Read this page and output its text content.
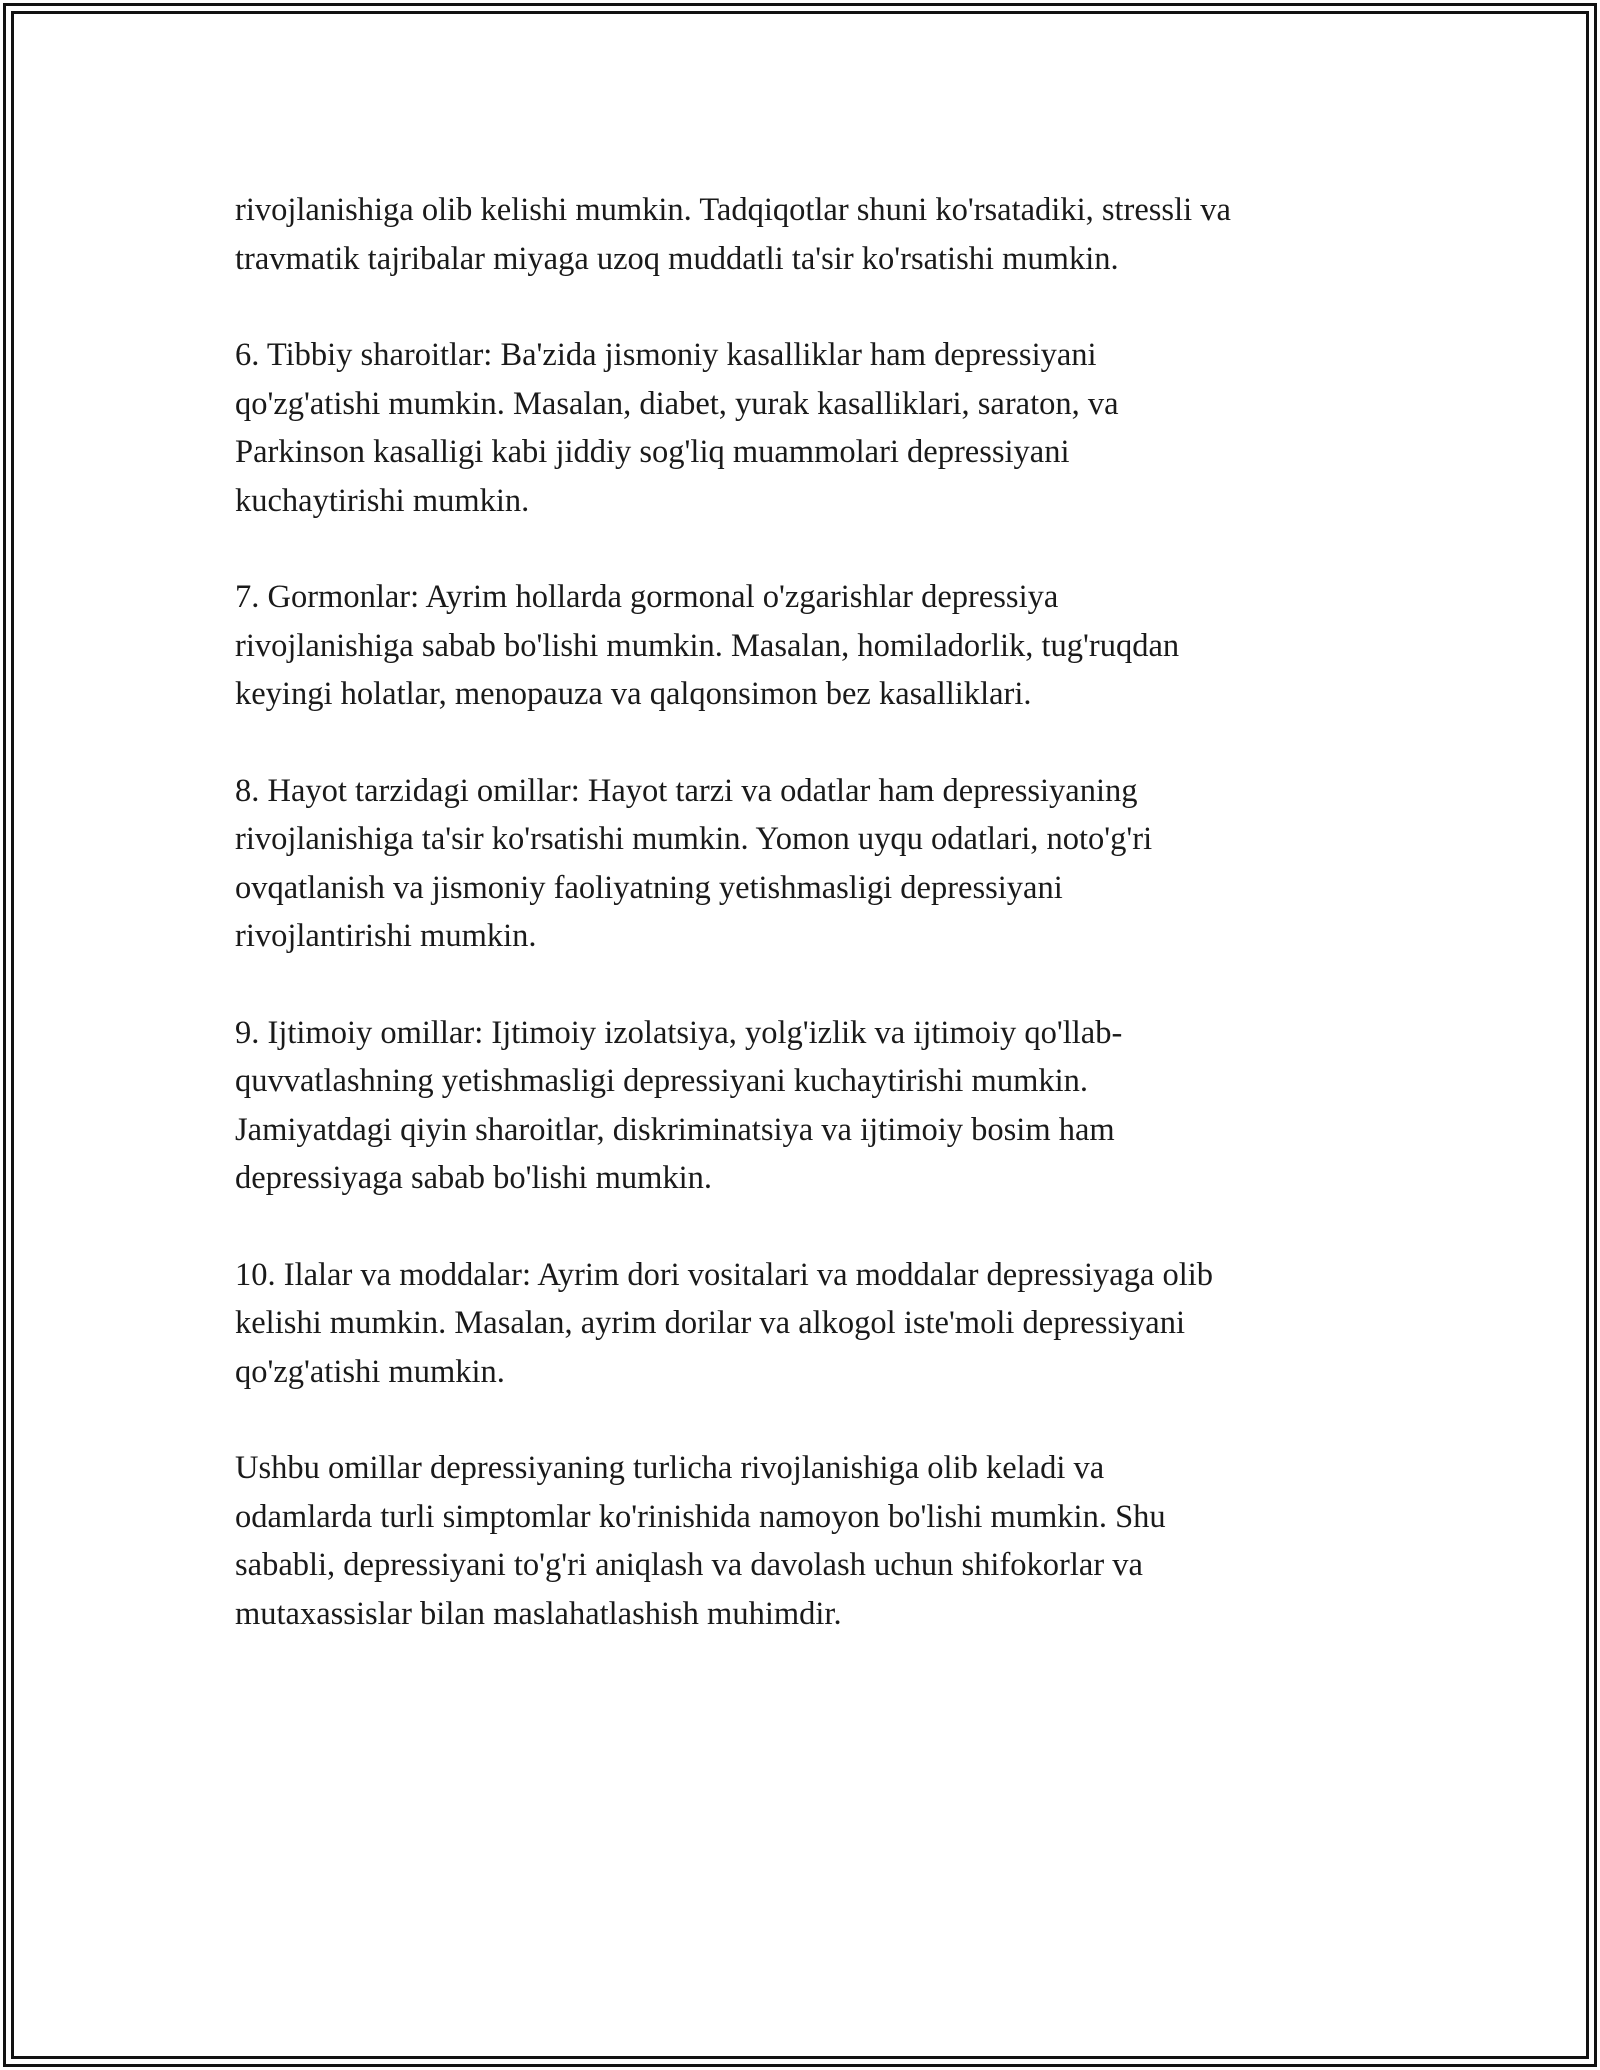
rivojlanishiga olib kelishi mumkin. Tadqiqotlar shuni ko'rsatadiki, stressli va
travmatik tajribalar miyaga uzoq muddatli ta'sir ko'rsatishi mumkin.

6. Tibbiy sharoitlar: Ba'zida jismoniy kasalliklar ham depressiyani
qo'zg'atishi mumkin. Masalan, diabet, yurak kasalliklari, saraton, va
Parkinson kasalligi kabi jiddiy sog'liq muammolari depressiyani
kuchaytirishi mumkin.

7. Gormonlar: Ayrim hollarda gormonal o'zgarishlar depressiya
rivojlanishiga sabab bo'lishi mumkin. Masalan, homiladorlik, tug'ruqdan
keyingi holatlar, menopauza va qalqonsimon bez kasalliklari.

8. Hayot tarzidagi omillar: Hayot tarzi va odatlar ham depressiyaning
rivojlanishiga ta'sir ko'rsatishi mumkin. Yomon uyqu odatlari, noto'g'ri
ovqatlanish va jismoniy faoliyatning yetishmasligi depressiyani
rivojlantirishi mumkin.

9. Ijtimoiy omillar: Ijtimoiy izolatsiya, yolg'izlik va ijtimoiy qo'llab-
quvvatlashning yetishmasligi depressiyani kuchaytirishi mumkin.
Jamiyatdagi qiyin sharoitlar, diskriminatsiya va ijtimoiy bosim ham
depressiyaga sabab bo'lishi mumkin.

10. Ilalar va moddalar: Ayrim dori vositalari va moddalar depressiyaga olib
kelishi mumkin. Masalan, ayrim dorilar va alkogol iste'moli depressiyani
qo'zg'atishi mumkin.

Ushbu omillar depressiyaning turlicha rivojlanishiga olib keladi va
odamlarda turli simptomlar ko'rinishida namoyon bo'lishi mumkin. Shu
sababli, depressiyani to'g'ri aniqlash va davolash uchun shifokorlar va
mutaxassislar bilan maslahatlashish muhimdir.
